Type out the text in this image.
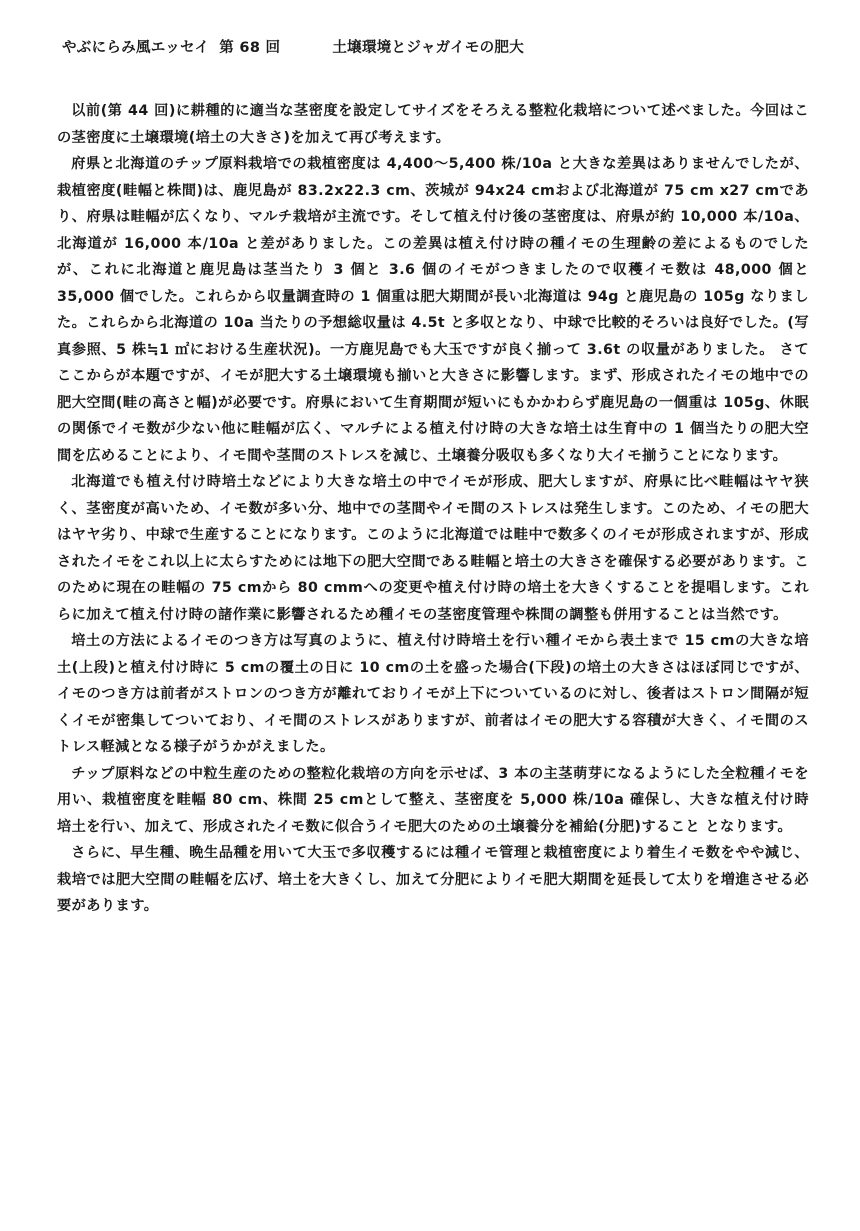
やぶにらみ風エッセイ 第 68 回	土壌環境とジャガイモの肥大

以前(第 44 回)に耕種的に適当な茎密度を設定してサイズをそろえる整粒化栽培について述べました。今回はこの茎密度に土壌環境(培土の大きさ)を加えて再び考えます。

府県と北海道のチップ原料栽培での栽植密度は 4,400～5,400 株/10a と大きな差異はありませんでしたが、栽植密度(畦幅と株間)は、鹿児島が 83.2x22.3 cm、茨城が 94x24 cmおよび北海道が 75 cm x27 cmであり、府県は畦幅が広くなり、マルチ栽培が主流です。そして植え付け後の茎密度は、府県が約 10,000 本/10a、北海道が 16,000 本/10a と差がありました。この差異は植え付け時の種イモの生理齢の差によるものでしたが、これに北海道と鹿児島は茎当たり 3 個と 3.6 個のイモがつきましたので収穫イモ数は 48,000 個と 35,000 個でした。これらから収量調査時の 1 個重は肥大期間が長い北海道は 94g と鹿児島の 105g なりました。これらから北海道の 10a 当たりの予想総収量は 4.5t と多収となり、中球で比較的そろいは良好でした。(写真参照、5 株≒1 ㎡における生産状況)。一方鹿児島でも大玉ですが良く揃って 3.6t の収量がありました。 さてここからが本題ですが、イモが肥大する土壌環境も揃いと大きさに影響します。まず、形成されたイモの地中での肥大空間(畦の高さと幅)が必要です。府県において生育期間が短いにもかかわらず鹿児島の一個重は 105g、休眠の関係でイモ数が少ない他に畦幅が広く、マルチによる植え付け時の大きな培土は生育中の 1 個当たりの肥大空間を広めることにより、イモ間や茎間のストレスを減じ、土壌養分吸収も多くなり大イモ揃うことになります。

北海道でも植え付け時培土などにより大きな培土の中でイモが形成、肥大しますが、府県に比べ畦幅はヤヤ狭く、茎密度が高いため、イモ数が多い分、地中での茎間やイモ間のストレスは発生します。このため、イモの肥大はヤヤ劣り、中球で生産することになります。このように北海道では畦中で数多くのイモが形成されますが、形成されたイモをこれ以上に太らすためには地下の肥大空間である畦幅と培土の大きさを確保する必要があります。このために現在の畦幅の 75 cmから 80 cmmへの変更や植え付け時の培土を大きくすることを提唱します。これらに加えて植え付け時の諸作業に影響されるため種イモの茎密度管理や株間の調整も併用することは当然です。

培土の方法によるイモのつき方は写真のように、植え付け時培土を行い種イモから表土まで 15 cmの大きな培土(上段)と植え付け時に 5 cmの覆土の日に 10 cmの土を盛った場合(下段)の培土の大きさはほぼ同じですが、イモのつき方は前者がストロンのつき方が離れておりイモが上下についているのに対し、後者はストロン間隔が短くイモが密集してついており、イモ間のストレスがありますが、前者はイモの肥大する容積が大きく、イモ間のストレス軽減となる様子がうかがえました。

チップ原料などの中粒生産のための整粒化栽培の方向を示せば、3 本の主茎萌芽になるようにした全粒種イモを用い、栽植密度を畦幅 80 cm、株間 25 cmとして整え、茎密度を 5,000 株/10a 確保し、大きな植え付け時培土を行い、加えて、形成されたイモ数に似合うイモ肥大のための土壌養分を補給(分肥)すること となります。

さらに、早生種、晩生品種を用いて大玉で多収穫するには種イモ管理と栽植密度により着生イモ数をやや減じ、栽培では肥大空間の畦幅を広げ、培土を大きくし、加えて分肥によりイモ肥大期間を延長して太りを増進させる必要があります。
